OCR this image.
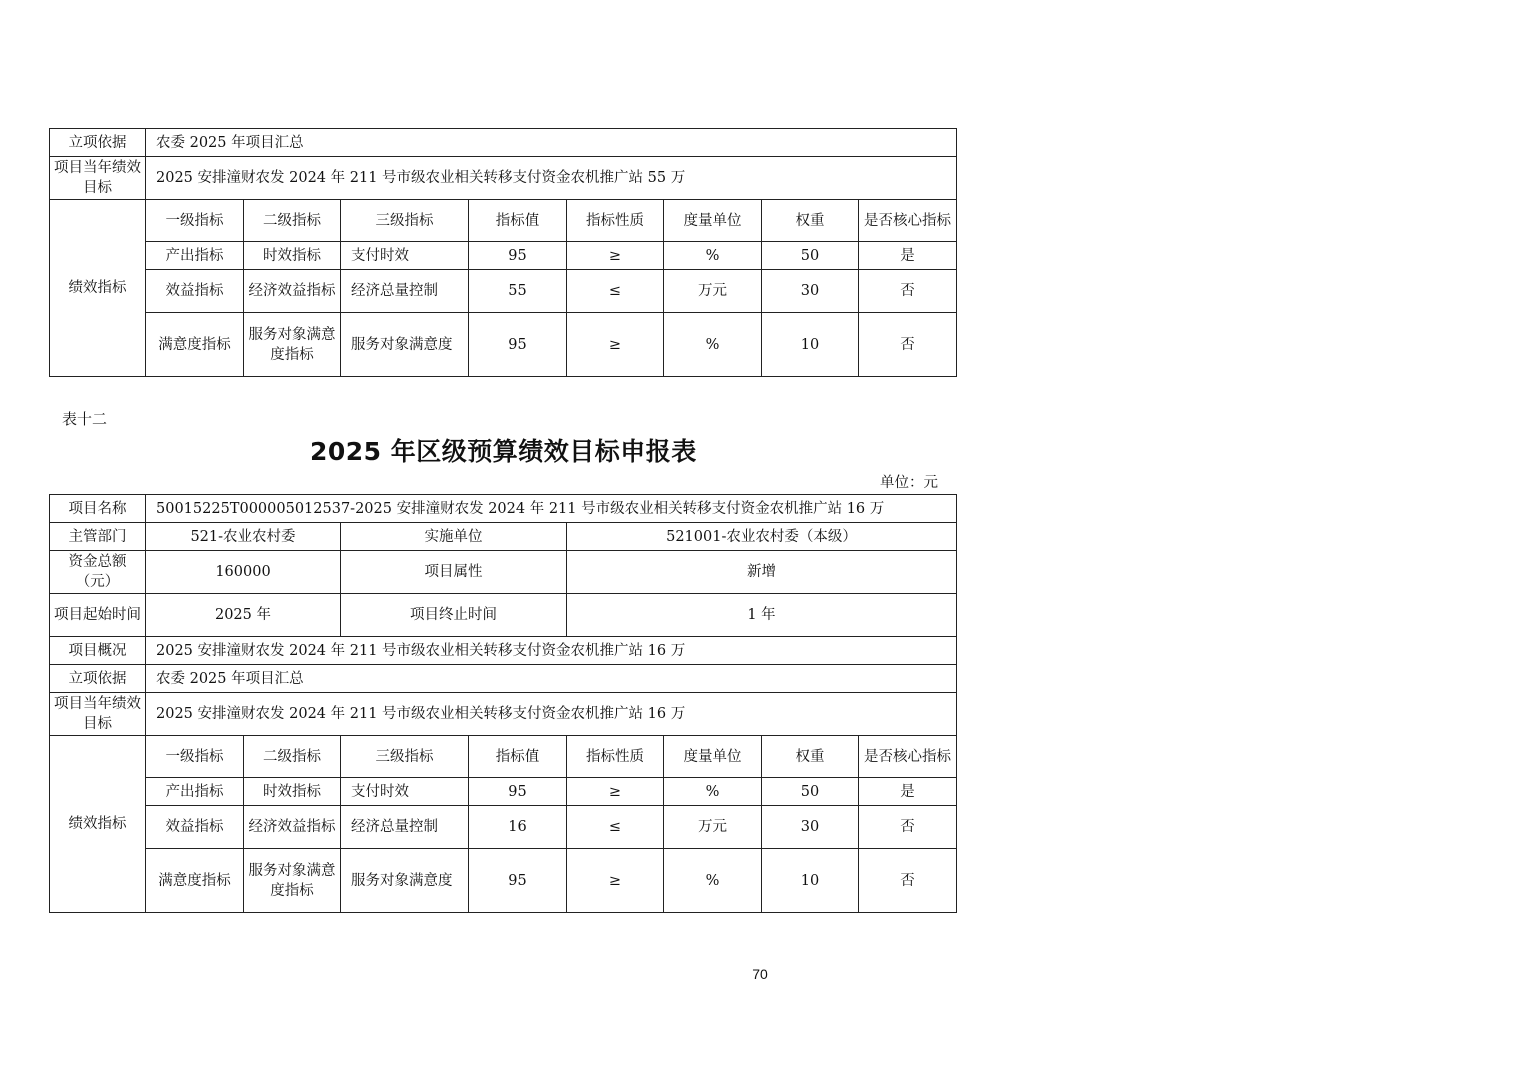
立项依据	农委 2025 年项目汇总							
项目当年绩效目标	2025 安排潼财农发 2024 年 211 号市级农业相关转移支付资金农机推广站 55 万							
绩效指标	一级指标	二级指标	三级指标	指标值	指标性质	度量单位	权重	是否核心指标
	产出指标	时效指标	支付时效	95	≥	%	50	是
	效益指标	经济效益指标	经济总量控制	55	≤	万元	30	否
	满意度指标	服务对象满意度指标	服务对象满意度	95	≥	%	10	否
表十二
2025 年区级预算绩效目标申报表
单位：元
项目名称	50015225T000005012537-2025 安排潼财农发 2024 年 211 号市级农业相关转移支付资金农机推广站 16 万							
主管部门	521-农业农村委		实施单位		521001-农业农村委（本级）			
资金总额（元）	160000		项目属性		新增			
项目起始时间	2025 年		项目终止时间		1 年			
项目概况	2025 安排潼财农发 2024 年 211 号市级农业相关转移支付资金农机推广站 16 万							
立项依据	农委 2025 年项目汇总							
项目当年绩效目标	2025 安排潼财农发 2024 年 211 号市级农业相关转移支付资金农机推广站 16 万							
绩效指标	一级指标	二级指标	三级指标	指标值	指标性质	度量单位	权重	是否核心指标
	产出指标	时效指标	支付时效	95	≥	%	50	是
	效益指标	经济效益指标	经济总量控制	16	≤	万元	30	否
	满意度指标	服务对象满意度指标	服务对象满意度	95	≥	%	10	否
70
